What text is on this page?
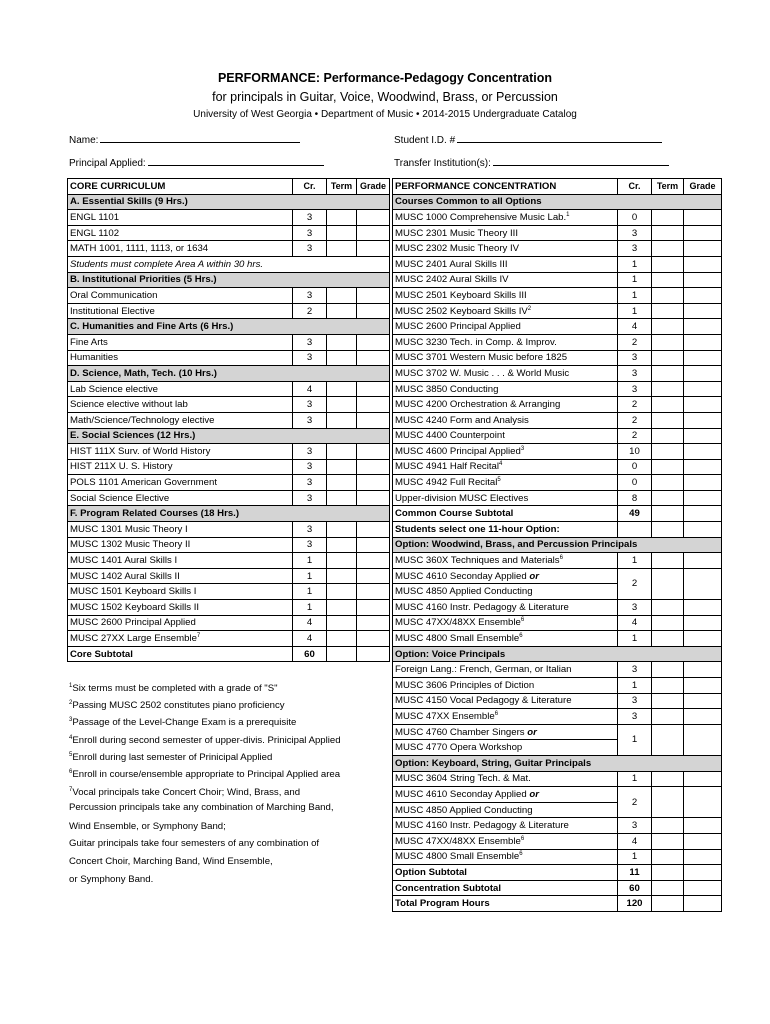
PERFORMANCE: Performance-Pedagogy Concentration
for principals in Guitar, Voice, Woodwind, Brass, or Percussion
University of West Georgia • Department of Music • 2014-2015 Undergraduate Catalog
Name:	Student I.D. #
Principal Applied:	Transfer Institution(s):
CORE CURRICULUM	Cr.	Term	Grade
A. Essential Skills (9 Hrs.)			
ENGL 1101	3		
ENGL 1102	3		
MATH 1001, 1111, 1113, or 1634	3		
Students must complete Area A within 30 hrs.			
B. Institutional Priorities (5 Hrs.)			
Oral Communication	3		
Institutional Elective	2		
C. Humanities and Fine Arts (6 Hrs.)			
Fine Arts	3		
Humanities	3		
D. Science, Math, Tech. (10 Hrs.)			
Lab Science elective	4		
Science elective without lab	3		
Math/Science/Technology elective	3		
E. Social Sciences (12 Hrs.)			
HIST 111X Surv. of World History	3		
HIST 211X U. S. History	3		
POLS 1101 American Government	3		
Social Science Elective	3		
F. Program Related Courses (18 Hrs.)			
MUSC 1301 Music Theory I	3		
MUSC 1302 Music Theory II	3		
MUSC 1401 Aural Skills I	1		
MUSC 1402 Aural Skills II	1		
MUSC 1501 Keyboard Skills I	1		
MUSC 1502 Keyboard Skills II	1		
MUSC 2600 Principal Applied	4		
MUSC 27XX Large Ensemble$^7$	4		
Core Subtotal	60		
PERFORMANCE CONCENTRATION	Cr.	Term	Grade
Courses Common to all Options			
MUSC 1000 Comprehensive Music Lab.$^1$	0		
MUSC 2301 Music Theory III	3		
MUSC 2302 Music Theory IV	3		
MUSC 2401 Aural Skills III	1		
MUSC 2402 Aural Skills IV	1		
MUSC 2501 Keyboard Skills III	1		
MUSC 2502 Keyboard Skills $IV^2$	1		
MUSC 2600 Principal Applied	4		
MUSC 3230 Tech. in Comp. & Improv.	2		
MUSC 3701 Western Music before 1825	3		
MUSC 3702 W. Music . . . & World Music	3		
MUSC 3850 Conducting	3		
MUSC 4200 Orchestration & Arranging	2		
MUSC 4240 Form and Analysis	2		
MUSC 4400 Counterpoint	2		
MUSC 4600 Principal Applied$^3$	10		
MUSC 4941 Half Recital$^4$	0		
MUSC 4942 Full Recital$^5$	0		
Upper-division MUSC Electives	8		
Common Course Subtotal	49		
Students select one 11-hour Option:			
Option: Woodwind, Brass, and Percussion Principals			
MUSC 360X Techniques and Materials$^6$	1		
MUSC 4610 Seconday Applied or	2		
MUSC 4850 Applied Conducting			
MUSC 4160 Instr. Pedagogy & Literature	3		
MUSC 47XX/48XX Ensemble$^6$	4		
MUSC 4800 Small Ensemble$^6$	1		
Option: Voice Principals			
Foreign Lang.: French, German, or Italian	3		
MUSC 3606 Principles of Diction	1		
MUSC 4150 Vocal Pedagogy & Literature	3		
MUSC 47XX Ensemble$^6$	3		
MUSC 4760 Chamber Singers or	1		
MUSC 4770 Opera Workshop			
Option: Keyboard, String, Guitar Principals			
MUSC 3604 String Tech. & Mat.	1		
MUSC 4610 Seconday Applied or	2		
MUSC 4850 Applied Conducting			
MUSC 4160 Instr. Pedagogy & Literature	3		
MUSC 47XX/48XX Ensemble$^6$	4		
MUSC 4800 Small Ensemble$^6$	1		
Option Subtotal	11		
Concentration Subtotal	60		
Total Program Hours	120		
$^1$Six terms must be completed with a grade of "S"
$^2$Passing MUSC 2502 constitutes piano proficiency
$^3$Passage of the Level-Change Exam is a prerequisite
$^4$Enroll during second semester of upper-divis. Prinicipal Applied
$^5$Enroll during last semester of Prinicipal Applied
$^6$Enroll in course/ensemble appropriate to Principal Applied area
$^7$Vocal principals take Concert Choir; Wind, Brass, and
Percussion principals take any combination of Marching Band,
Wind Ensemble, or Symphony Band;
Guitar principals take four semesters of any combination of
Concert Choir, Marching Band, Wind Ensemble,
or Symphony Band.
